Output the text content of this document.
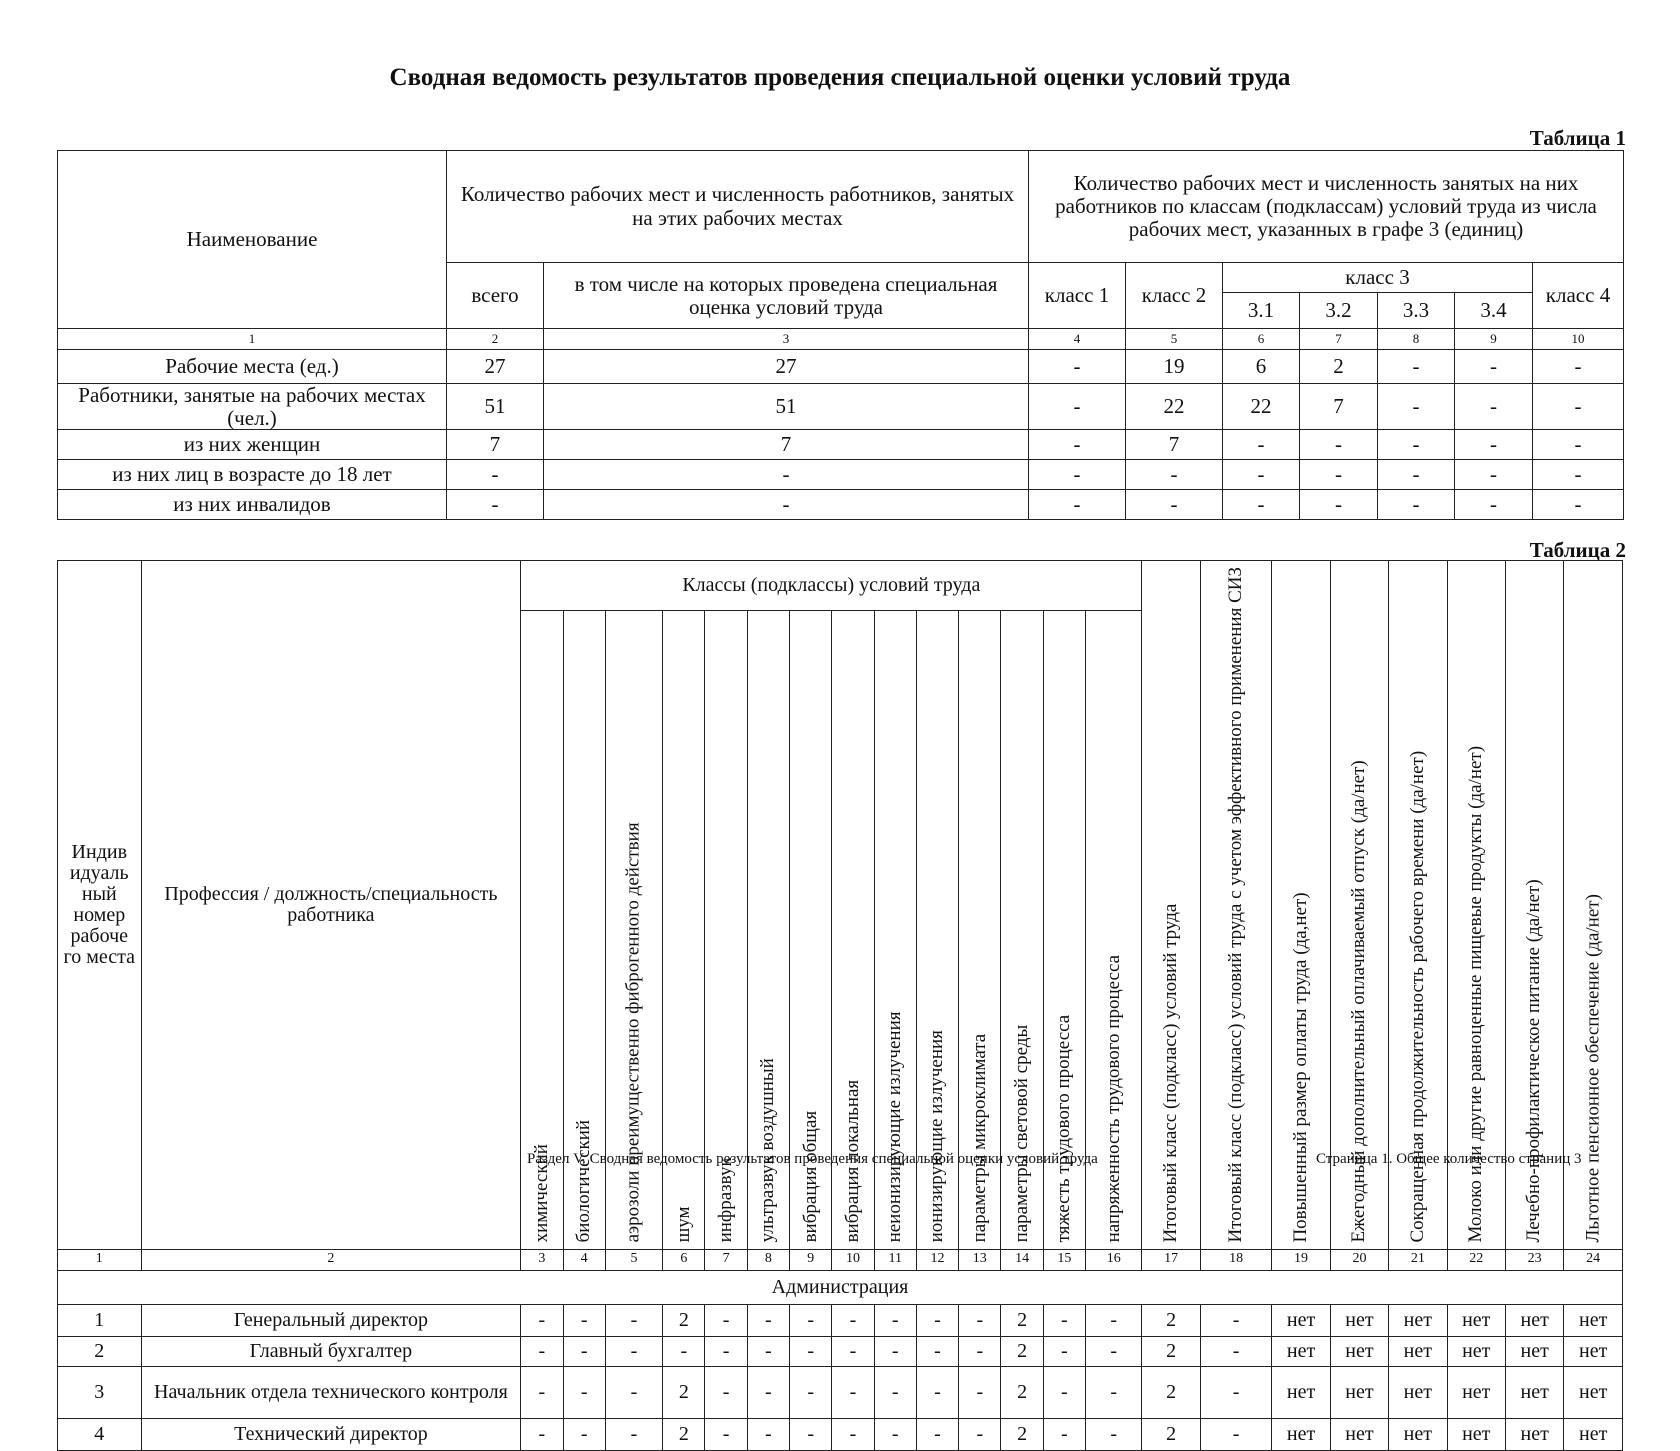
Сводная ведомость результатов проведения специальной оценки условий труда
Таблица 1
Наименование	Количество рабочих мест и численность работников, занятых на этих рабочих местах		Количество рабочих мест и численность занятых на них работников по классам (подклассам) условий труда из числа рабочих мест, указанных в графе 3 (единиц)						
	всего	в том числе на которых проведена специальная оценка условий труда	класс 1	класс 2	класс 3				класс 4
					3.1	3.2	3.3	3.4	
1	2	3	4	5	6	7	8	9	10
Рабочие места (ед.)	27	27	-	19	6	2	-	-	-
Работники, занятые на рабочих местах (чел.)	51	51	-	22	22	7	-	-	-
из них женщин	7	7	-	7	-	-	-	-	-
из них лиц в возрасте до 18 лет	-	-	-	-	-	-	-	-	-
из них инвалидов	-	-	-	-	-	-	-	-	-
Таблица 2
Индив идуаль ный номер рабоче го места	Профессия / должность/специальность работника	Классы (подклассы) условий труда														Итоговый класс (подкласс) условий труда	Итоговый класс (подкласс) условий труда с учетом эффективного применения СИЗ	Повышенный размер оплаты труда (да,нет)	Ежегодный дополнительный оплачиваемый отпуск (да/нет)	Сокращенная продолжительность рабочего времени (да/нет)	Молоко или другие равноценные пищевые продукты (да/нет)	Лечебно-профилактическое питание (да/нет)	Льготное пенсионное обеспечение (да/нет)
		химический	биологический	аэрозоли преимущественно фиброгенного действия	шум	инфразвук	ультразвук воздушный	вибрация общая	вибрация локальная	неионизирующие излучения	ионизирующие излучения	параметры микроклимата	параметры световой среды	тяжесть трудового процесса	напряженность трудового процесса								
1	2	3	4	5	6	7	8	9	10	11	12	13	14	15	16	17	18	19	20	21	22	23	24
Администрация																							
1	Генеральный директор	-	-	-	2	-	-	-	-	-	-	-	2	-	-	2	-	нет	нет	нет	нет	нет	нет
2	Главный бухгалтер	-	-	-	-	-	-	-	-	-	-	-	2	-	-	2	-	нет	нет	нет	нет	нет	нет
3	Начальник отдела технического контроля	-	-	-	2	-	-	-	-	-	-	-	2	-	-	2	-	нет	нет	нет	нет	нет	нет
4	Технический директор	-	-	-	2	-	-	-	-	-	-	-	2	-	-	2	-	нет	нет	нет	нет	нет	нет
Раздел V. Сводная ведомость результатов проведения специальной оценки условий труда	Страница 1. Общее количество страниц 3
